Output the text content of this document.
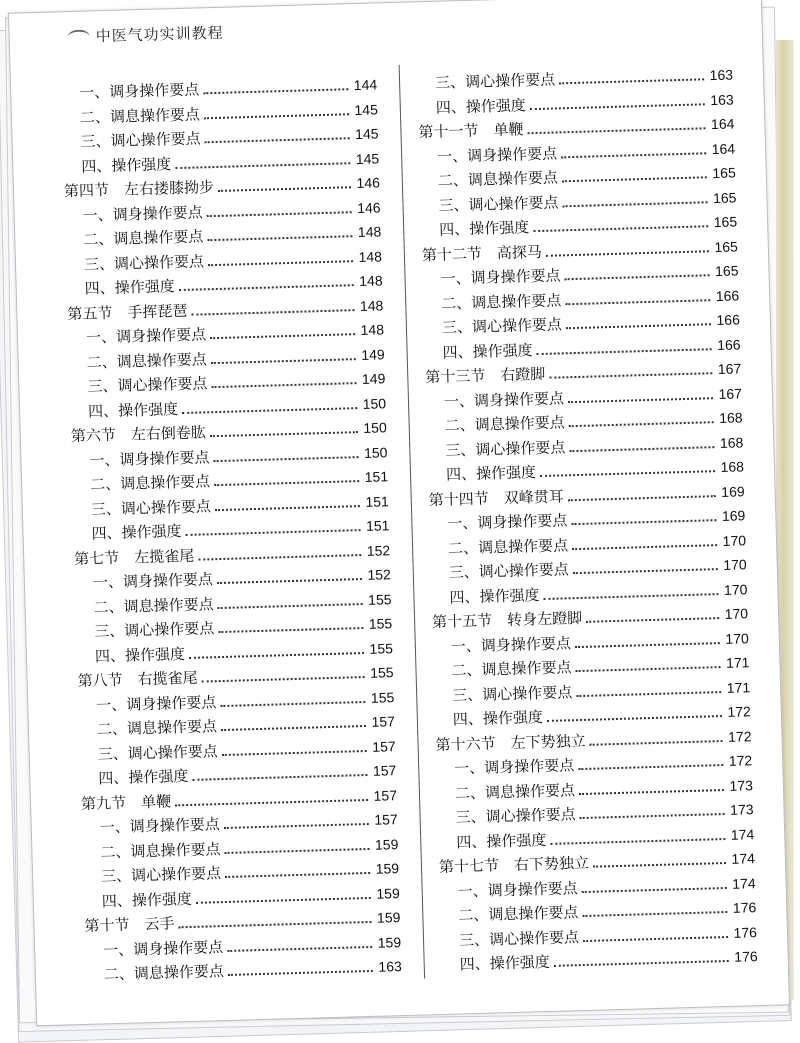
中医气功实训教程
一、调身操作要点	144
二、调息操作要点	145
三、调心操作要点	145
四、操作强度	145
第四节　左右搂膝拗步	146
一、调身操作要点	146
二、调息操作要点	148
三、调心操作要点	148
四、操作强度	148
第五节　手挥琵琶	148
一、调身操作要点	148
二、调息操作要点	149
三、调心操作要点	149
四、操作强度	150
第六节　左右倒卷肱	150
一、调身操作要点	150
二、调息操作要点	151
三、调心操作要点	151
四、操作强度	151
第七节　左揽雀尾	152
一、调身操作要点	152
二、调息操作要点	155
三、调心操作要点	155
四、操作强度	155
第八节　右揽雀尾	155
一、调身操作要点	155
二、调息操作要点	157
三、调心操作要点	157
四、操作强度	157
第九节　单鞭	157
一、调身操作要点	157
二、调息操作要点	159
三、调心操作要点	159
四、操作强度	159
第十节　云手	159
一、调身操作要点	159
二、调息操作要点	163
三、调心操作要点	163
四、操作强度	163
第十一节　单鞭	164
一、调身操作要点	164
二、调息操作要点	165
三、调心操作要点	165
四、操作强度	165
第十二节　高探马	165
一、调身操作要点	165
二、调息操作要点	166
三、调心操作要点	166
四、操作强度	166
第十三节　右蹬脚	167
一、调身操作要点	167
二、调息操作要点	168
三、调心操作要点	168
四、操作强度	168
第十四节　双峰贯耳	169
一、调身操作要点	169
二、调息操作要点	170
三、调心操作要点	170
四、操作强度	170
第十五节　转身左蹬脚	170
一、调身操作要点	170
二、调息操作要点	171
三、调心操作要点	171
四、操作强度	172
第十六节　左下势独立	172
一、调身操作要点	172
二、调息操作要点	173
三、调心操作要点	173
四、操作强度	174
第十七节　右下势独立	174
一、调身操作要点	174
二、调息操作要点	176
三、调心操作要点	176
四、操作强度	176
